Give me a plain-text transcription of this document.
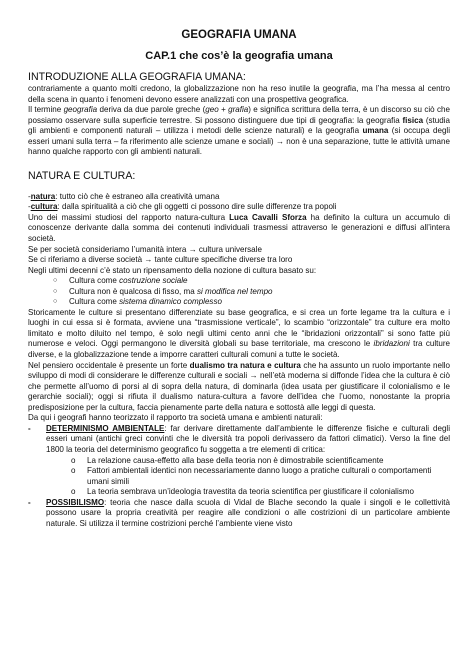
GEOGRAFIA UMANA
CAP.1 che cos’è la geografia umana
INTRODUZIONE ALLA GEOGRAFIA UMANA:

contrariamente a quanto molti credono, la globalizzazione non ha reso inutile la geografia, ma l’ha messa al centro della scena in quanto i fenomeni devono essere analizzati con una prospettiva geografica.

Il termine geografia deriva da due parole greche (geo + grafia) e significa scrittura della terra, è un discorso su ciò che possiamo osservare sulla superficie terrestre. Si possono distinguere due tipi di geografia: la geografia fisica (studia gli ambienti e componenti naturali – utilizza i metodi delle scienze naturali) e la geografia umana (si occupa degli esseri umani sulla terra – fa riferimento alle scienze umane e sociali) → non è una separazione, tutte le attività umane hanno qualche rapporto con gli ambienti naturali.

NATURA E CULTURA:

-natura: tutto ciò che è estraneo alla creatività umana

-cultura: dalla spiritualità a ciò che gli oggetti ci possono dire sulle differenze tra popoli

Uno dei massimi studiosi del rapporto natura-cultura Luca Cavalli Sforza ha definito la cultura un accumulo di conoscenze derivante dalla somma dei contenuti individuali trasmessi attraverso le generazioni e diffusi all’intera società.

Se per società consideriamo l’umanità intera → cultura universale

Se ci riferiamo a diverse società → tante culture specifiche diverse tra loro

Negli ultimi decenni c’è stato un ripensamento della nozione di cultura basato su:

○ Cultura come costruzione sociale
○ Cultura non è qualcosa di fisso, ma si modifica nel tempo
○ Cultura come sistema dinamico complesso

Storicamente le culture si presentano differenziate su base geografica, e si crea un forte legame tra la cultura e i luoghi in cui essa si è formata, avviene una “trasmissione verticale”, lo scambio “orizzontale” tra culture era molto limitato e molto diluito nel tempo, è solo negli ultimi cento anni che le “ibridazioni orizzontali” si sono fatte più numerose e veloci. Oggi permangono le diversità globali su base territoriale, ma crescono le ibridazioni tra culture diverse, e la globalizzazione tende a imporre caratteri culturali comuni a tutte le società.

Nel pensiero occidentale è presente un forte dualismo tra natura e cultura che ha assunto un ruolo importante nello sviluppo di modi di considerare le differenze culturali e sociali → nell’età moderna si diffonde l’idea che la cultura è ciò che permette all’uomo di porsi al di sopra della natura, di dominarla (idea usata per giustificare il colonialismo e le gerarchie sociali); oggi si rifiuta il dualismo natura-cultura a favore dell’idea che l’uomo, nonostante la propria predisposizione per la cultura, faccia pienamente parte della natura e sottostà alle leggi di questa.

Da qui i geografi hanno teorizzato il rapporto tra società umana e ambienti naturali:

- DETERMINISMO AMBIENTALE: far derivare direttamente dall’ambiente le differenze fisiche e culturali degli esseri umani (antichi greci convinti che le diversità tra popoli derivassero da fattori climatici). Verso la fine del 1800 la teoria del determinismo geografico fu soggetta a tre elementi di critica:

o La relazione causa-effetto alla base della teoria non è dimostrabile scientificamente
o Fattori ambientali identici non necessariamente danno luogo a pratiche culturali o comportamenti umani simili
o La teoria sembrava un’ideologia travestita da teoria scientifica per giustificare il colonialismo
- POSSIBILISMO: teoria che nasce dalla scuola di Vidal de Blache secondo la quale i singoli e le collettività possono usare la propria creatività per reagire alle condizioni o alle costrizioni di un particolare ambiente naturale. Si utilizza il termine costrizioni perché l’ambiente viene visto
